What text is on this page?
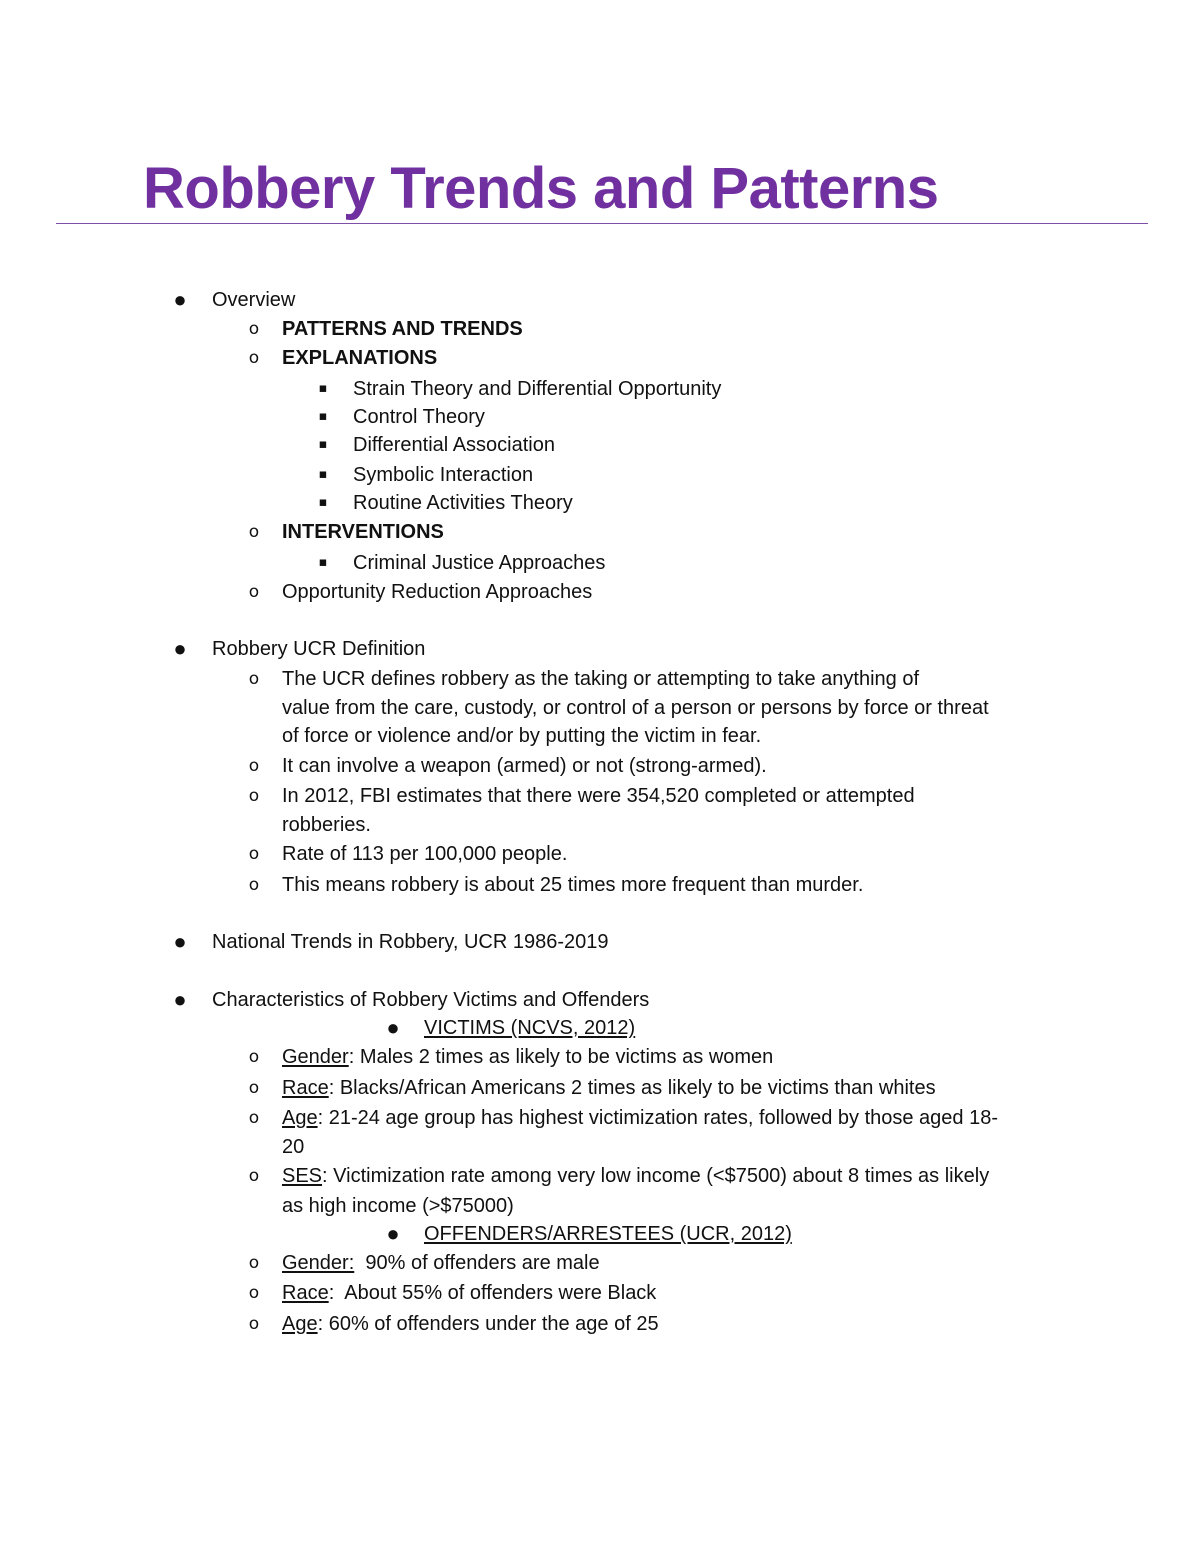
Robbery Trends and Patterns
● Overview
o PATTERNS AND TRENDS
o EXPLANATIONS
▪ Strain Theory and Differential Opportunity
▪ Control Theory
▪ Differential Association
▪ Symbolic Interaction
▪ Routine Activities Theory
o INTERVENTIONS
▪ Criminal Justice Approaches
o Opportunity Reduction Approaches
● Robbery UCR Definition
o The UCR defines robbery as the taking or attempting to take anything of
value from the care, custody, or control of a person or persons by force or threat
of force or violence and/or by putting the victim in fear.
o It can involve a weapon (armed) or not (strong-armed).
o In 2012, FBI estimates that there were 354,520 completed or attempted
robberies.
o Rate of 113 per 100,000 people.
o This means robbery is about 25 times more frequent than murder.
● National Trends in Robbery, UCR 1986-2019
● Characteristics of Robbery Victims and Offenders
● VICTIMS (NCVS, 2012)
o Gender: Males 2 times as likely to be victims as women
o Race: Blacks/African Americans 2 times as likely to be victims than whites
o Age: 21-24 age group has highest victimization rates, followed by those aged 18-
20
o SES: Victimization rate among very low income (<$7500) about 8 times as likely
as high income (>$75000)
● OFFENDERS/ARRESTEES (UCR, 2012)
o Gender:  90% of offenders are male
o Race:  About 55% of offenders were Black
o Age: 60% of offenders under the age of 25
